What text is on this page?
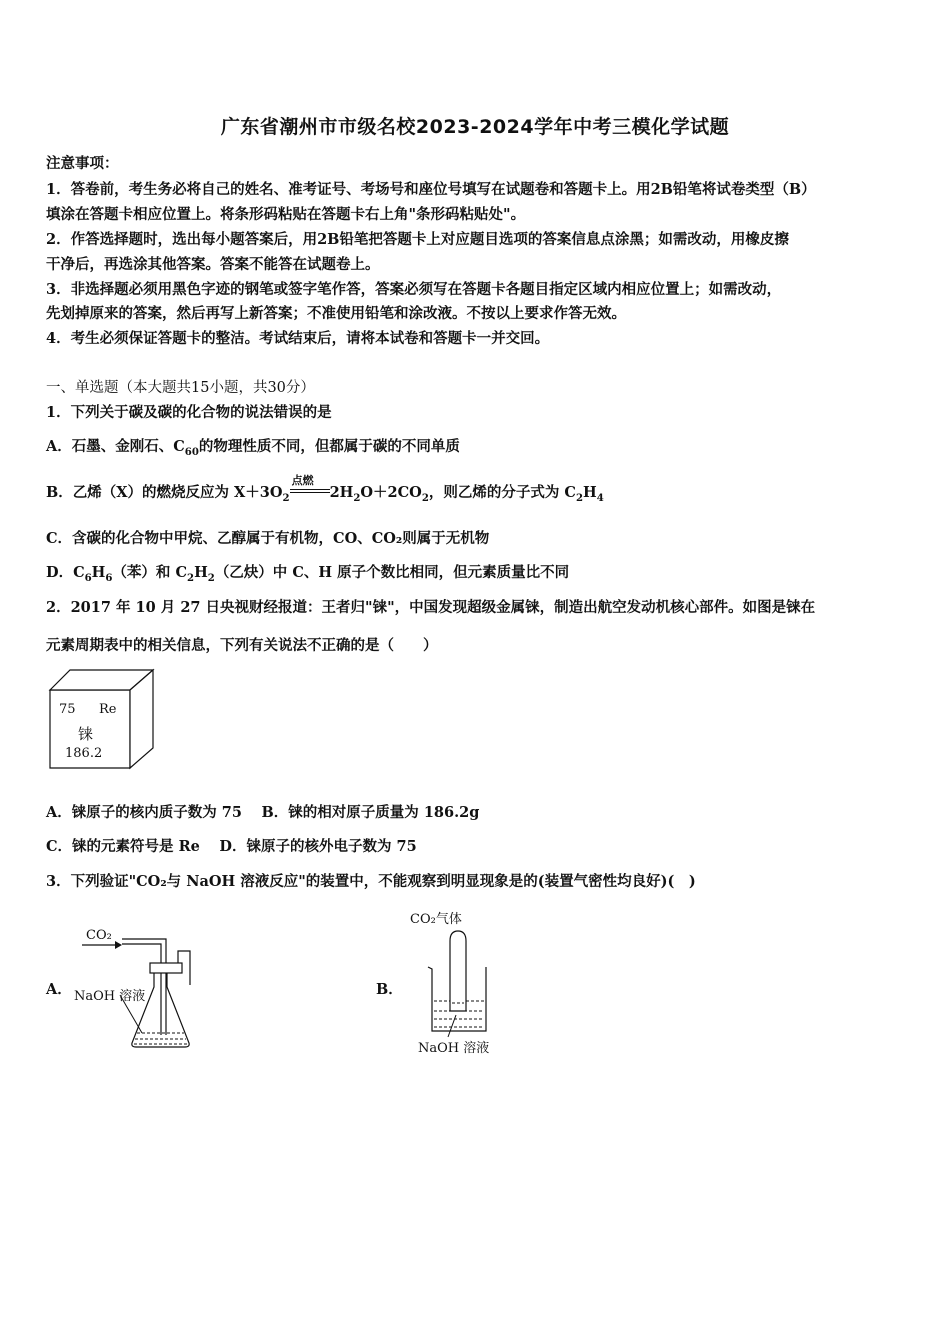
广东省潮州市市级名校2023-2024学年中考三模化学试题
注意事项：
1．答卷前，考生务必将自己的姓名、准考证号、考场号和座位号填写在试题卷和答题卡上。用2B铅笔将试卷类型（B）
填涂在答题卡相应位置上。将条形码粘贴在答题卡右上角"条形码粘贴处"。
2．作答选择题时，选出每小题答案后，用2B铅笔把答题卡上对应题目选项的答案信息点涂黑；如需改动，用橡皮擦
干净后，再选涂其他答案。答案不能答在试题卷上。
3．非选择题必须用黑色字迹的钢笔或签字笔作答，答案必须写在答题卡各题目指定区域内相应位置上；如需改动，
先划掉原来的答案，然后再写上新答案；不准使用铅笔和涂改液。不按以上要求作答无效。
4．考生必须保证答题卡的整洁。考试结束后，请将本试卷和答题卡一并交回。
一、单选题（本大题共15小题，共30分）
1．下列关于碳及碳的化合物的说法错误的是
A．石墨、金刚石、$C_{60}$的物理性质不同，但都属于碳的不同单质
B．乙烯（X）的燃烧反应为 $X+3O_2$
点燃
$2H_2O+2CO_2$，则乙烯的分子式为 $C_2H_4$
C．含碳的化合物中甲烷、乙醇属于有机物，CO、CO₂则属于无机物
D．$C_6H_6$（苯）和 $C_2H_2$（乙炔）中 C、H 原子个数比相同，但元素质量比不同
2．2017 年 10 月 27 日央视财经报道：王者归"铼"，中国发现超级金属铼，制造出航空发动机核心部件。如图是铼在
元素周期表中的相关信息，下列有关说法不正确的是（　　）
75 Re
铼
186.2
A．铼原子的核内质子数为 75　 B．铼的相对原子质量为 186.2g
C．铼的元素符号是 Re　 D．铼原子的核外电子数为 75
3．下列验证"CO₂与 NaOH 溶液反应"的装置中，不能观察到明显现象是的(装置气密性均良好)(　)
A．
CO₂
NaOH 溶液	B．
CO₂气体
NaOH 溶液
